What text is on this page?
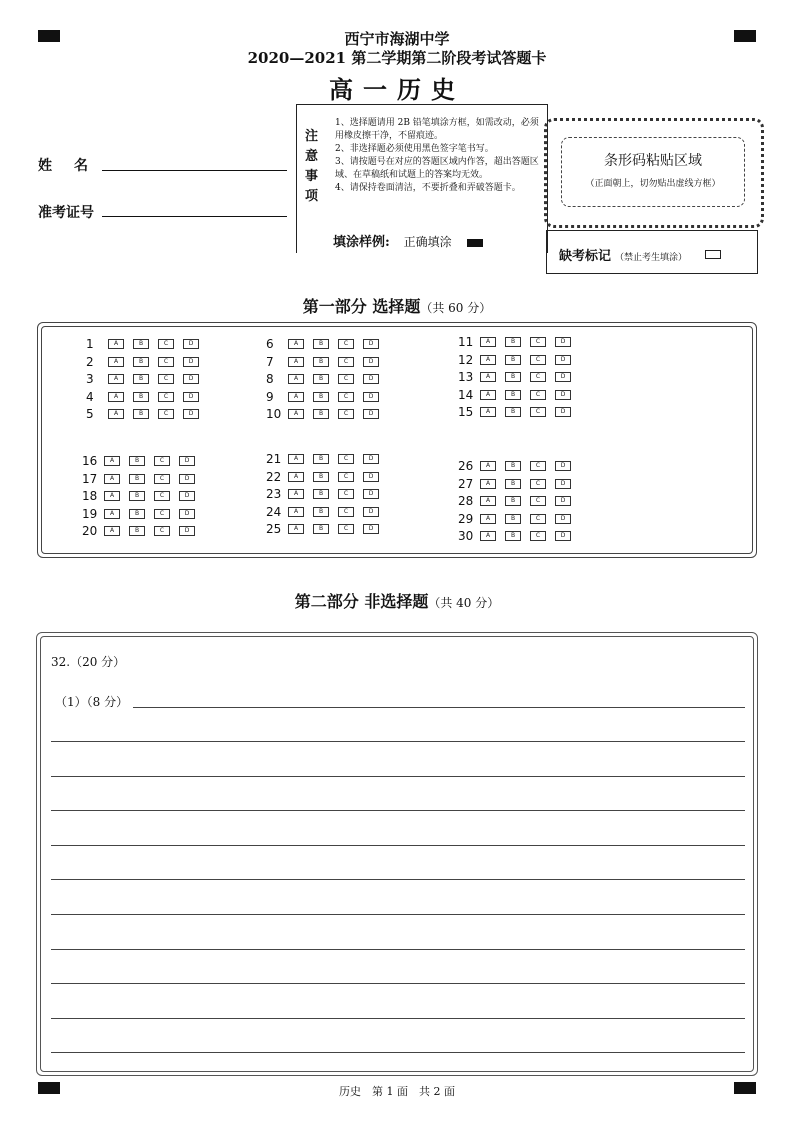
西宁市海湖中学
2020—2021 第二学期第二阶段考试答题卡
高一历史
姓　名
准考证号
注意事项
1、选择题请用 2B 铅笔填涂方框，如需改动，必须用橡皮擦干净，不留痕迹。
2、非选择题必须使用黑色签字笔书写。
3、请按题号在对应的答题区域内作答，超出答题区域、在草稿纸和试题上的答案均无效。
4、请保持卷面清洁，不要折叠和弄破答题卡。
填涂样例: 正确填涂
条形码粘贴区域
（正面朝上，切勿贴出虚线方框）
缺考标记 （禁止考生填涂）
第一部分 选择题（共 60 分）
1	A	B	C	D
2	A	B	C	D
3	A	B	C	D
4	A	B	C	D
5	A	B	C	D
6	A	B	C	D
7	A	B	C	D
8	A	B	C	D
9	A	B	C	D
10	A	B	C	D
11	A	B	C	D
12	A	B	C	D
13	A	B	C	D
14	A	B	C	D
15	A	B	C	D
16	A	B	C	D
17	A	B	C	D
18	A	B	C	D
19	A	B	C	D
20	A	B	C	D
21	A	B	C	D
22	A	B	C	D
23	A	B	C	D
24	A	B	C	D
25	A	B	C	D
26	A	B	C	D
27	A	B	C	D
28	A	B	C	D
29	A	B	C	D
30	A	B	C	D
第二部分 非选择题（共 40 分）
32.（20 分）
（1）（8 分）
历史　第 1 面　共 2 面
